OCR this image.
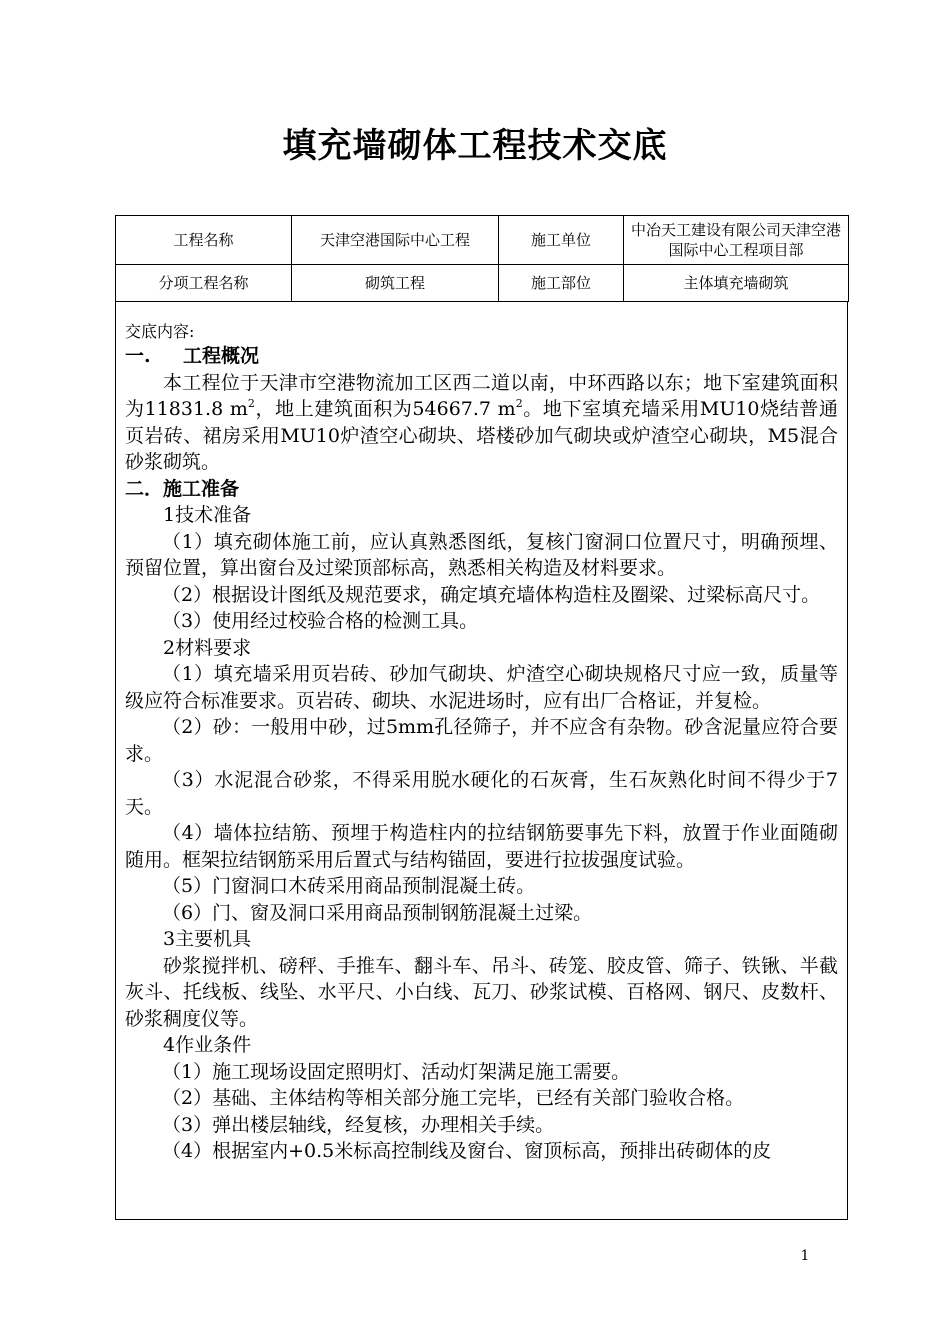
填充墙砌体工程技术交底
工程名称	天津空港国际中心工程	施工单位	中冶天工建设有限公司天津空港国际中心工程项目部
分项工程名称	砌筑工程	施工部位	主体填充墙砌筑
交底内容:

一. 工程概况

本工程位于天津市空港物流加工区西二道以南，中环西路以东；地下室建筑面积为11831.8 $m^2$，地上建筑面积为54667.7 $m^2$。地下室填充墙采用MU10烧结普通页岩砖、裙房采用MU10炉渣空心砌块、塔楼砂加气砌块或炉渣空心砌块，M5混合砂浆砌筑。

二．施工准备

1技术准备

（1）填充砌体施工前，应认真熟悉图纸，复核门窗洞口位置尺寸，明确预埋、预留位置，算出窗台及过梁顶部标高，熟悉相关构造及材料要求。

（2）根据设计图纸及规范要求，确定填充墙体构造柱及圈梁、过梁标高尺寸。

（3）使用经过校验合格的检测工具。

2材料要求

（1）填充墙采用页岩砖、砂加气砌块、炉渣空心砌块规格尺寸应一致，质量等级应符合标准要求。页岩砖、砌块、水泥进场时，应有出厂合格证，并复检。

（2）砂：一般用中砂，过5mm孔径筛子，并不应含有杂物。砂含泥量应符合要求。

（3）水泥混合砂浆，不得采用脱水硬化的石灰膏，生石灰熟化时间不得少于7天。

（4）墙体拉结筋、预埋于构造柱内的拉结钢筋要事先下料，放置于作业面随砌随用。框架拉结钢筋采用后置式与结构锚固，要进行拉拔强度试验。

（5）门窗洞口木砖采用商品预制混凝土砖。

（6）门、窗及洞口采用商品预制钢筋混凝土过梁。

3主要机具

砂浆搅拌机、磅秤、手推车、翻斗车、吊斗、砖笼、胶皮管、筛子、铁锹、半截灰斗、托线板、线坠、水平尺、小白线、瓦刀、砂浆试模、百格网、钢尺、皮数杆、砂浆稠度仪等。

4作业条件

（1）施工现场设固定照明灯、活动灯架满足施工需要。

（2）基础、主体结构等相关部分施工完毕，已经有关部门验收合格。

（3）弹出楼层轴线，经复核，办理相关手续。

（4）根据室内+0.5米标高控制线及窗台、窗顶标高，预排出砖砌体的皮

1
